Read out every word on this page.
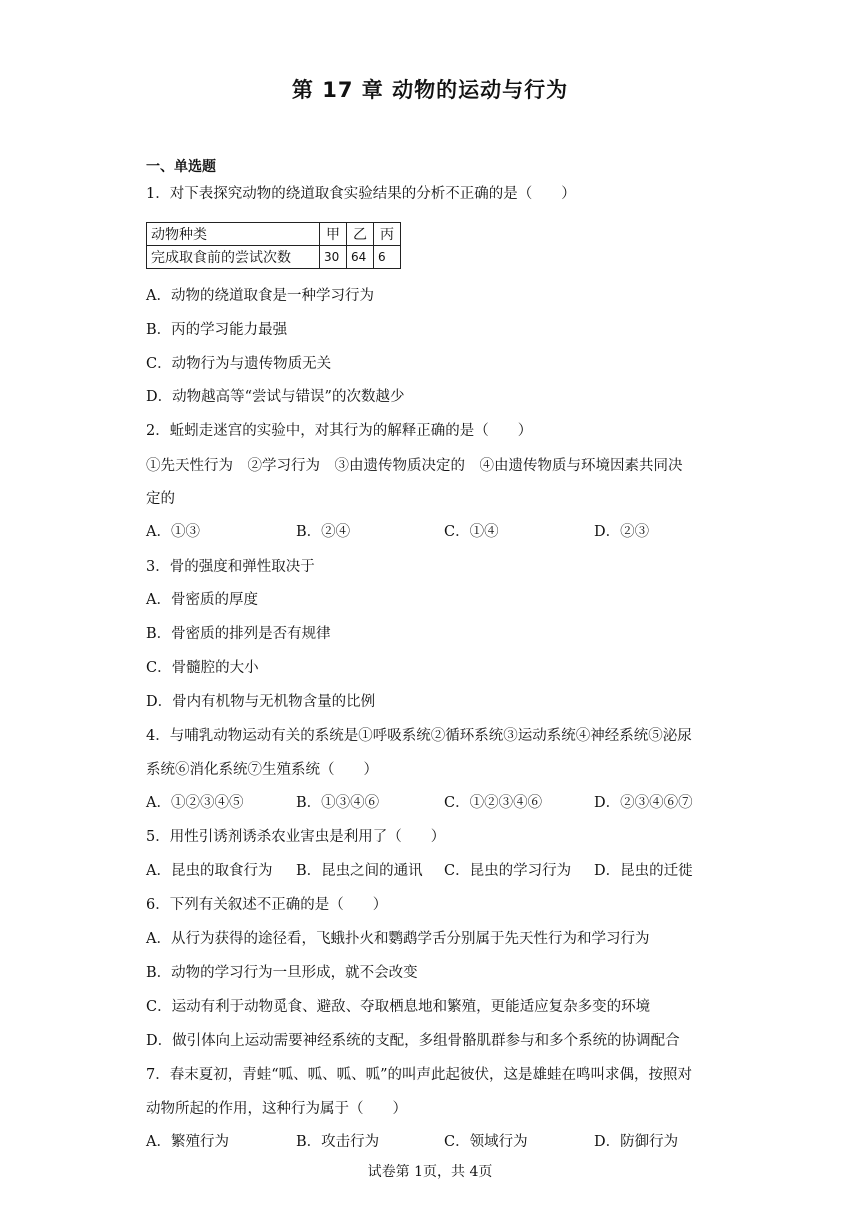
第 17 章 动物的运动与行为
一、单选题
1．对下表探究动物的绕道取食实验结果的分析不正确的是（　　）
动物种类	甲	乙	丙
完成取食前的尝试次数	30	64	6
A．动物的绕道取食是一种学习行为
B．丙的学习能力最强
C．动物行为与遗传物质无关
D．动物越高等“尝试与错误”的次数越少
2．蚯蚓走迷宫的实验中，对其行为的解释正确的是（　　）
①先天性行为　②学习行为　③由遗传物质决定的　④由遗传物质与环境因素共同决
定的
A．①③	B．②④	C．①④	D．②③
3．骨的强度和弹性取决于
A．骨密质的厚度
B．骨密质的排列是否有规律
C．骨髓腔的大小
D．骨内有机物与无机物含量的比例
4．与哺乳动物运动有关的系统是①呼吸系统②循环系统③运动系统④神经系统⑤泌尿
系统⑥消化系统⑦生殖系统（　　）
A．①②③④⑤	B．①③④⑥	C．①②③④⑥	D．②③④⑥⑦
5．用性引诱剂诱杀农业害虫是利用了（　　）
A．昆虫的取食行为 B．昆虫之间的通讯 C．昆虫的学习行为 D．昆虫的迁徙
6．下列有关叙述不正确的是（　　）
A．从行为获得的途径看，飞蛾扑火和鹦鹉学舌分别属于先天性行为和学习行为
B．动物的学习行为一旦形成，就不会改变
C．运动有利于动物觅食、避敌、夺取栖息地和繁殖，更能适应复杂多变的环境
D．做引体向上运动需要神经系统的支配，多组骨骼肌群参与和多个系统的协调配合
7．春末夏初，青蛙“呱、呱、呱、呱”的叫声此起彼伏，这是雄蛙在鸣叫求偶，按照对
动物所起的作用，这种行为属于（　　）
A．繁殖行为	B．攻击行为	C．领域行为	D．防御行为
试卷第 1页，共 4页
